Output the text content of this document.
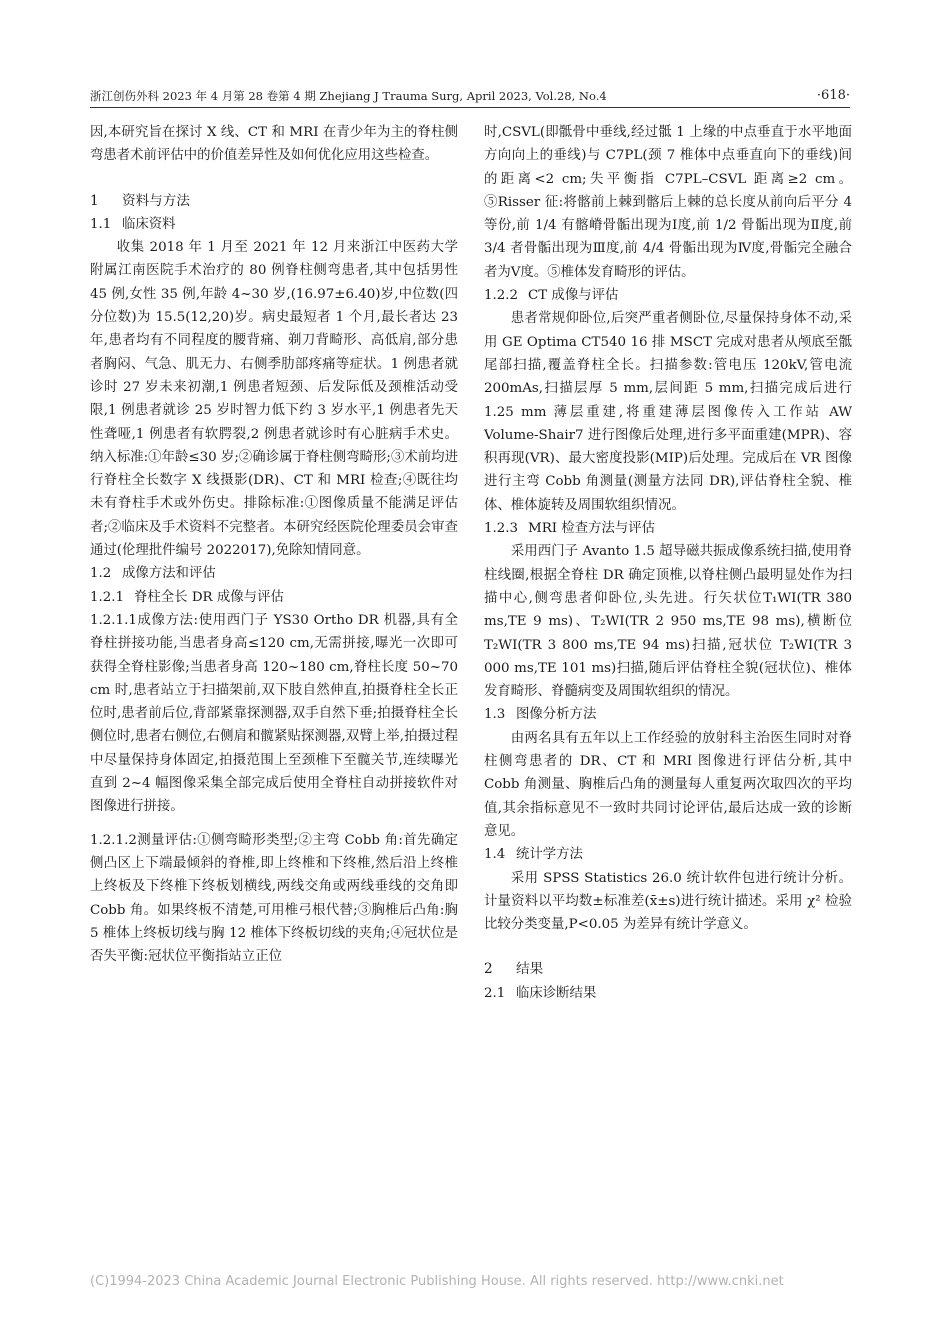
浙江创伤外科 2023 年 4 月第 28 卷第 4 期 Zhejiang J Trauma Surg, April 2023, Vol.28, No.4	·618·

因,本研究旨在探讨 X 线、CT 和 MRI 在青少年为主的脊柱侧弯患者术前评估中的价值差异性及如何优化应用这些检查。

1 资料与方法
1.1 临床资料

收集 2018 年 1 月至 2021 年 12 月来浙江中医药大学附属江南医院手术治疗的 80 例脊柱侧弯患者,其中包括男性 45 例,女性 35 例,年龄 4~30 岁,(16.97±6.40)岁,中位数(四分位数)为 15.5(12,20)岁。病史最短者 1 个月,最长者达 23 年,患者均有不同程度的腰背痛、剃刀背畸形、高低肩,部分患者胸闷、气急、肌无力、右侧季肋部疼痛等症状。1 例患者就诊时 27 岁未来初潮,1 例患者短颈、后发际低及颈椎活动受限,1 例患者就诊 25 岁时智力低下约 3 岁水平,1 例患者先天性聋哑,1 例患者有软腭裂,2 例患者就诊时有心脏病手术史。纳入标准:①年龄≤30 岁;②确诊属于脊柱侧弯畸形;③术前均进行脊柱全长数字 X 线摄影(DR)、CT 和 MRI 检查;④既往均未有脊柱手术或外伤史。排除标准:①图像质量不能满足评估者;②临床及手术资料不完整者。本研究经医院伦理委员会审查通过(伦理批件编号 2022017),免除知情同意。

1.2 成像方法和评估
1.2.1 脊柱全长 DR 成像与评估

1.2.1.1成像方法:使用西门子 YS30 Ortho DR 机器,具有全脊柱拼接功能,当患者身高≤120 cm,无需拼接,曝光一次即可获得全脊柱影像;当患者身高 120~180 cm,脊柱长度 50~70 cm 时,患者站立于扫描架前,双下肢自然伸直,拍摄脊柱全长正位时,患者前后位,背部紧靠探测器,双手自然下垂;拍摄脊柱全长侧位时,患者右侧位,右侧肩和髋紧贴探测器,双臂上举,拍摄过程中尽量保持身体固定,拍摄范围上至颈椎下至髋关节,连续曝光直到 2~4 幅图像采集全部完成后使用全脊柱自动拼接软件对图像进行拼接。

1.2.1.2测量评估:①侧弯畸形类型;②主弯 Cobb 角:首先确定侧凸区上下端最倾斜的脊椎,即上终椎和下终椎,然后沿上终椎上终板及下终椎下终板划横线,两线交角或两线垂线的交角即 Cobb 角。如果终板不清楚,可用椎弓根代替;③胸椎后凸角:胸 5 椎体上终板切线与胸 12 椎体下终板切线的夹角;④冠状位是否失平衡:冠状位平衡指站立正位

时,CSVL(即骶骨中垂线,经过骶 1 上缘的中点垂直于水平地面方向向上的垂线)与 C7PL(颈 7 椎体中点垂直向下的垂线)间的距离<2 cm;失平衡指 C7PL–CSVL 距离≥2 cm。⑤Risser 征:将髂前上棘到髂后上棘的总长度从前向后平分 4 等份,前 1/4 有髂嵴骨骺出现为Ⅰ度,前 1/2 骨骺出现为Ⅱ度,前 3/4 者骨骺出现为Ⅲ度,前 4/4 骨骺出现为Ⅳ度,骨骺完全融合者为Ⅴ度。⑤椎体发育畸形的评估。

1.2.2 CT 成像与评估

患者常规仰卧位,后突严重者侧卧位,尽量保持身体不动,采用 GE Optima CT540 16 排 MSCT 完成对患者从颅底至骶尾部扫描,覆盖脊柱全长。扫描参数:管电压 120kV,管电流 200mAs,扫描层厚 5 mm,层间距 5 mm,扫描完成后进行 1.25 mm 薄层重建,将重建薄层图像传入工作站 AW Volume-Shair7 进行图像后处理,进行多平面重建(MPR)、容积再现(VR)、最大密度投影(MIP)后处理。完成后在 VR 图像进行主弯 Cobb 角测量(测量方法同 DR),评估脊柱全貌、椎体、椎体旋转及周围软组织情况。

1.2.3 MRI 检查方法与评估

采用西门子 Avanto 1.5 超导磁共振成像系统扫描,使用脊柱线圈,根据全脊柱 DR 确定顶椎,以脊柱侧凸最明显处作为扫描中心,侧弯患者仰卧位,头先进。行矢状位T₁WI(TR 380 ms,TE 9 ms)、T₂WI(TR 2 950 ms,TE 98 ms),横断位 T₂WI(TR 3 800 ms,TE 94 ms)扫描,冠状位 T₂WI(TR 3 000 ms,TE 101 ms)扫描,随后评估脊柱全貌(冠状位)、椎体发育畸形、脊髓病变及周围软组织的情况。

1.3 图像分析方法

由两名具有五年以上工作经验的放射科主治医生同时对脊柱侧弯患者的 DR、CT 和 MRI 图像进行评估分析,其中 Cobb 角测量、胸椎后凸角的测量每人重复两次取四次的平均值,其余指标意见不一致时共同讨论评估,最后达成一致的诊断意见。

1.4 统计学方法

采用 SPSS Statistics 26.0 统计软件包进行统计分析。计量资料以平均数±标准差(x̄±s)进行统计描述。采用 χ² 检验比较分类变量,P<0.05 为差异有统计学意义。

2 结果
2.1 临床诊断结果
(C)1994-2023 China Academic Journal Electronic Publishing House. All rights reserved. http://www.cnki.net
